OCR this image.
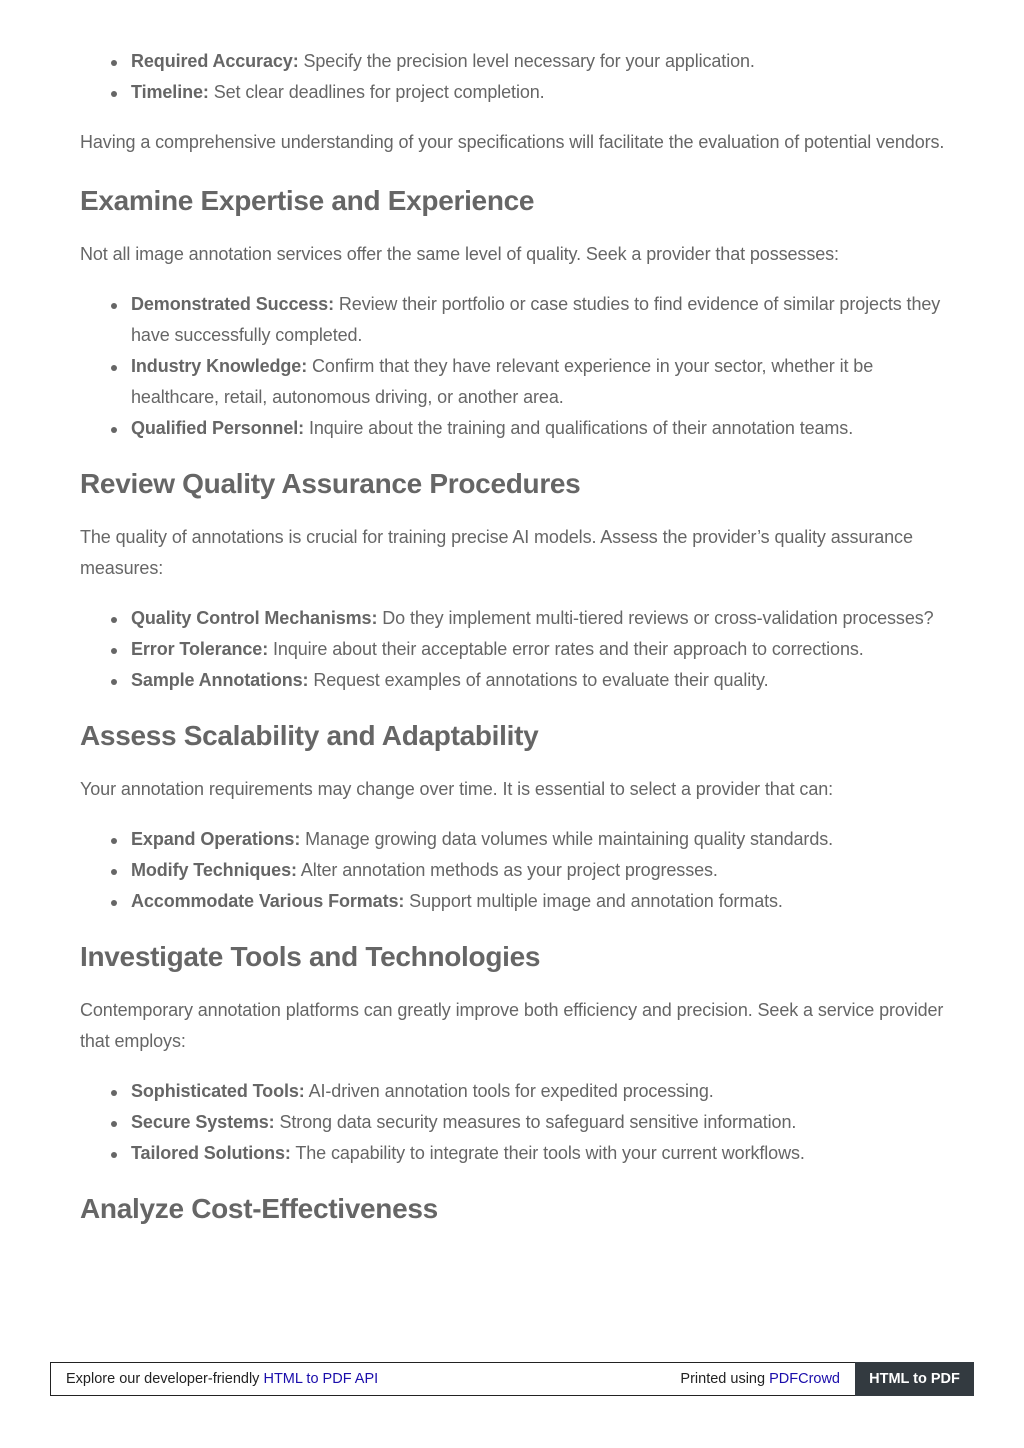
Required Accuracy: Specify the precision level necessary for your application.
Timeline: Set clear deadlines for project completion.

Having a comprehensive understanding of your specifications will facilitate the evaluation of potential vendors.

Examine Expertise and Experience

Not all image annotation services offer the same level of quality. Seek a provider that possesses:

Demonstrated Success: Review their portfolio or case studies to find evidence of similar projects they have successfully completed.
Industry Knowledge: Confirm that they have relevant experience in your sector, whether it be healthcare, retail, autonomous driving, or another area.
Qualified Personnel: Inquire about the training and qualifications of their annotation teams.
Review Quality Assurance Procedures

The quality of annotations is crucial for training precise AI models. Assess the provider’s quality assurance measures:

Quality Control Mechanisms: Do they implement multi-tiered reviews or cross-validation processes?
Error Tolerance: Inquire about their acceptable error rates and their approach to corrections.
Sample Annotations: Request examples of annotations to evaluate their quality.
Assess Scalability and Adaptability

Your annotation requirements may change over time. It is essential to select a provider that can:

Expand Operations: Manage growing data volumes while maintaining quality standards.
Modify Techniques: Alter annotation methods as your project progresses.
Accommodate Various Formats: Support multiple image and annotation formats.
Investigate Tools and Technologies

Contemporary annotation platforms can greatly improve both efficiency and precision. Seek a service provider that employs:

Sophisticated Tools: AI-driven annotation tools for expedited processing.
Secure Systems: Strong data security measures to safeguard sensitive information.
Tailored Solutions: The capability to integrate their tools with your current workflows.
Analyze Cost-Effectiveness
Explore our developer-friendly HTML to PDF API	Printed using PDFCrowd	HTML to PDF
